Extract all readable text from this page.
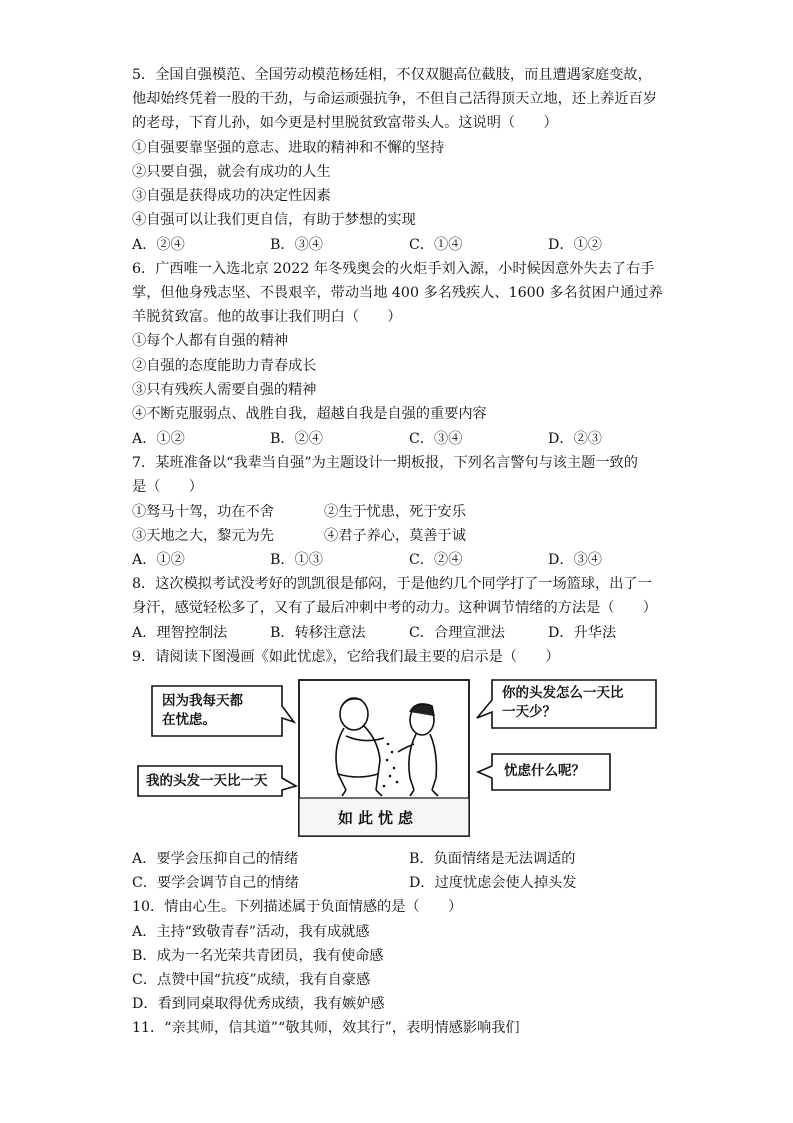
5．全国自强模范、全国劳动模范杨廷相，不仅双腿高位截肢，而且遭遇家庭变故，
他却始终凭着一股的干劲，与命运顽强抗争，不但自己活得顶天立地，还上养近百岁
的老母，下育儿孙，如今更是村里脱贫致富带头人。这说明（　　）
①自强要靠坚强的意志、进取的精神和不懈的坚持
②只要自强，就会有成功的人生
③自强是获得成功的决定性因素
④自强可以让我们更自信，有助于梦想的实现
A．②④	B．③④	C．①④	D．①②
6．广西唯一入选北京 2022 年冬残奥会的火炬手刘入源，小时候因意外失去了右手
掌，但他身残志坚、不畏艰辛，带动当地 400 多名残疾人、1600 多名贫困户通过养
羊脱贫致富。他的故事让我们明白（　　）
①每个人都有自强的精神
②自强的态度能助力青春成长
③只有残疾人需要自强的精神
④不断克服弱点、战胜自我，超越自我是自强的重要内容
A．①②	B．②④	C．③④	D．②③
7．某班准备以“我辈当自强”为主题设计一期板报，下列名言警句与该主题一致的
是（　　）
①驽马十驾，功在不舍	②生于忧患，死于安乐
③天地之大，黎元为先	④君子养心，莫善于诚
A．①②	B．①③	C．②④	D．③④
8．这次模拟考试没考好的凯凯很是郁闷，于是他约几个同学打了一场篮球，出了一
身汗，感觉轻松多了，又有了最后冲刺中考的动力。这种调节情绪的方法是（　　）
A．理智控制法	B．转移注意法	C．合理宣泄法	D．升华法
9．请阅读下图漫画《如此忧虑》，它给我们最主要的启示是（　　）
因为我每天都
在忧虑。
我的头发一天比一天
你的头发怎么一天比
一天少？
忧虑什么呢？
如此忧虑
A．要学会压抑自己的情绪	B．负面情绪是无法调适的
C．要学会调节自己的情绪	D．过度忧虑会使人掉头发
10．情由心生。下列描述属于负面情感的是（　　）
A．主持“致敬青春”活动，我有成就感
B．成为一名光荣共青团员，我有使命感
C．点赞中国“抗疫”成绩，我有自豪感
D．看到同桌取得优秀成绩，我有嫉妒感
11．“亲其师，信其道”“敬其师，效其行”，表明情感影响我们
